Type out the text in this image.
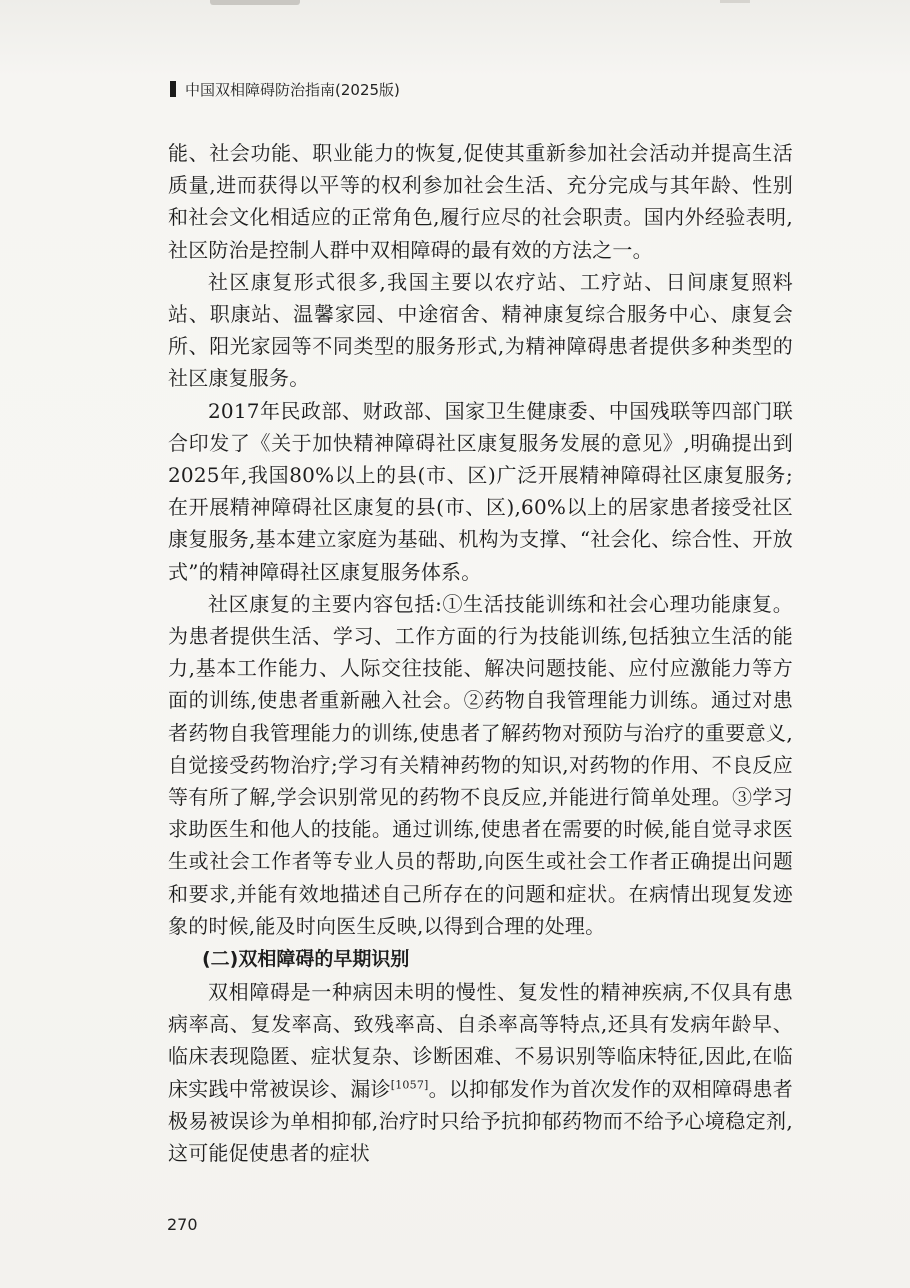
中国双相障碍防治指南(2025版)

能、社会功能、职业能力的恢复,促使其重新参加社会活动并提高生活质量,进而获得以平等的权利参加社会生活、充分完成与其年龄、性别和社会文化相适应的正常角色,履行应尽的社会职责。国内外经验表明,社区防治是控制人群中双相障碍的最有效的方法之一。

社区康复形式很多,我国主要以农疗站、工疗站、日间康复照料站、职康站、温馨家园、中途宿舍、精神康复综合服务中心、康复会所、阳光家园等不同类型的服务形式,为精神障碍患者提供多种类型的社区康复服务。

2017年民政部、财政部、国家卫生健康委、中国残联等四部门联合印发了《关于加快精神障碍社区康复服务发展的意见》,明确提出到2025年,我国80%以上的县(市、区)广泛开展精神障碍社区康复服务;在开展精神障碍社区康复的县(市、区),60%以上的居家患者接受社区康复服务,基本建立家庭为基础、机构为支撑、“社会化、综合性、开放式”的精神障碍社区康复服务体系。

社区康复的主要内容包括:①生活技能训练和社会心理功能康复。为患者提供生活、学习、工作方面的行为技能训练,包括独立生活的能力,基本工作能力、人际交往技能、解决问题技能、应付应激能力等方面的训练,使患者重新融入社会。②药物自我管理能力训练。通过对患者药物自我管理能力的训练,使患者了解药物对预防与治疗的重要意义,自觉接受药物治疗;学习有关精神药物的知识,对药物的作用、不良反应等有所了解,学会识别常见的药物不良反应,并能进行简单处理。③学习求助医生和他人的技能。通过训练,使患者在需要的时候,能自觉寻求医生或社会工作者等专业人员的帮助,向医生或社会工作者正确提出问题和要求,并能有效地描述自己所存在的问题和症状。在病情出现复发迹象的时候,能及时向医生反映,以得到合理的处理。

(二)双相障碍的早期识别

双相障碍是一种病因未明的慢性、复发性的精神疾病,不仅具有患病率高、复发率高、致残率高、自杀率高等特点,还具有发病年龄早、临床表现隐匿、症状复杂、诊断困难、不易识别等临床特征,因此,在临床实践中常被误诊、漏诊[1057]。以抑郁发作为首次发作的双相障碍患者极易被误诊为单相抑郁,治疗时只给予抗抑郁药物而不给予心境稳定剂,这可能促使患者的症状

270
